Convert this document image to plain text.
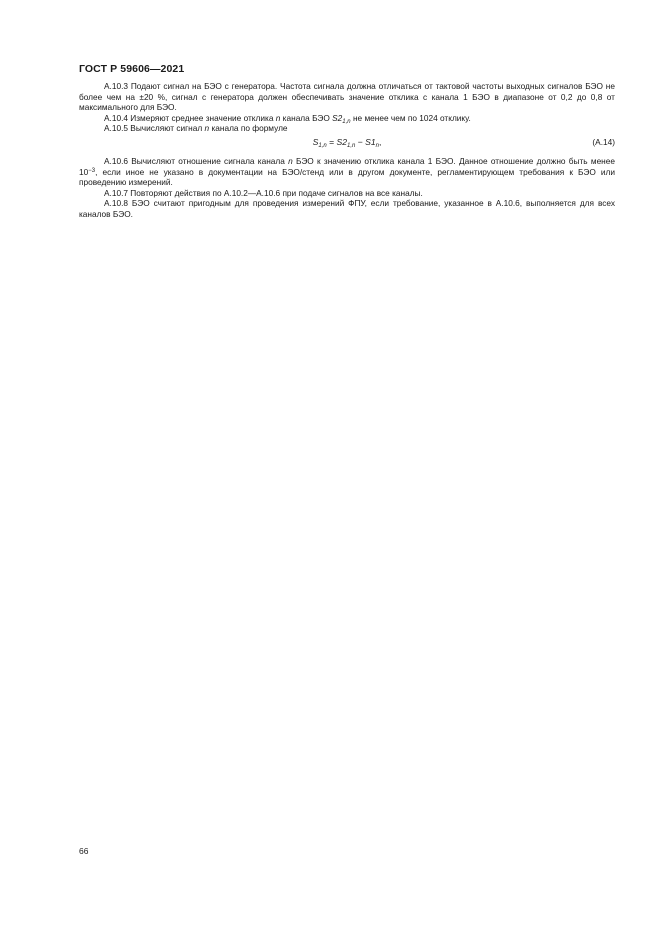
ГОСТ Р 59606—2021

А.10.3 Подают сигнал на БЭО с генератора. Частота сигнала должна отличаться от тактовой частоты выходных сигналов БЭО не более чем на ±20 %, сигнал с генератора должен обеспечивать значение отклика с канала 1 БЭО в диапазоне от 0,2 до 0,8 от максимального для БЭО.

А.10.4 Измеряют среднее значение отклика n канала БЭО $S2_{1,n}$ не менее чем по 1024 отклику.

А.10.5 Вычисляют сигнал n канала по формуле

$S_{1,n} = S2_{1,n} - S1_n$,	(А.14)

А.10.6 Вычисляют отношение сигнала канала n БЭО к значению отклика канала 1 БЭО. Данное отношение должно быть менее $10^{-3}$, если иное не указано в документации на БЭО/стенд или в другом документе, регламентирующем требования к БЭО или проведению измерений.

А.10.7 Повторяют действия по А.10.2—А.10.6 при подаче сигналов на все каналы.

А.10.8 БЭО считают пригодным для проведения измерений ФПУ, если требование, указанное в А.10.6, выполняется для всех каналов БЭО.

66
